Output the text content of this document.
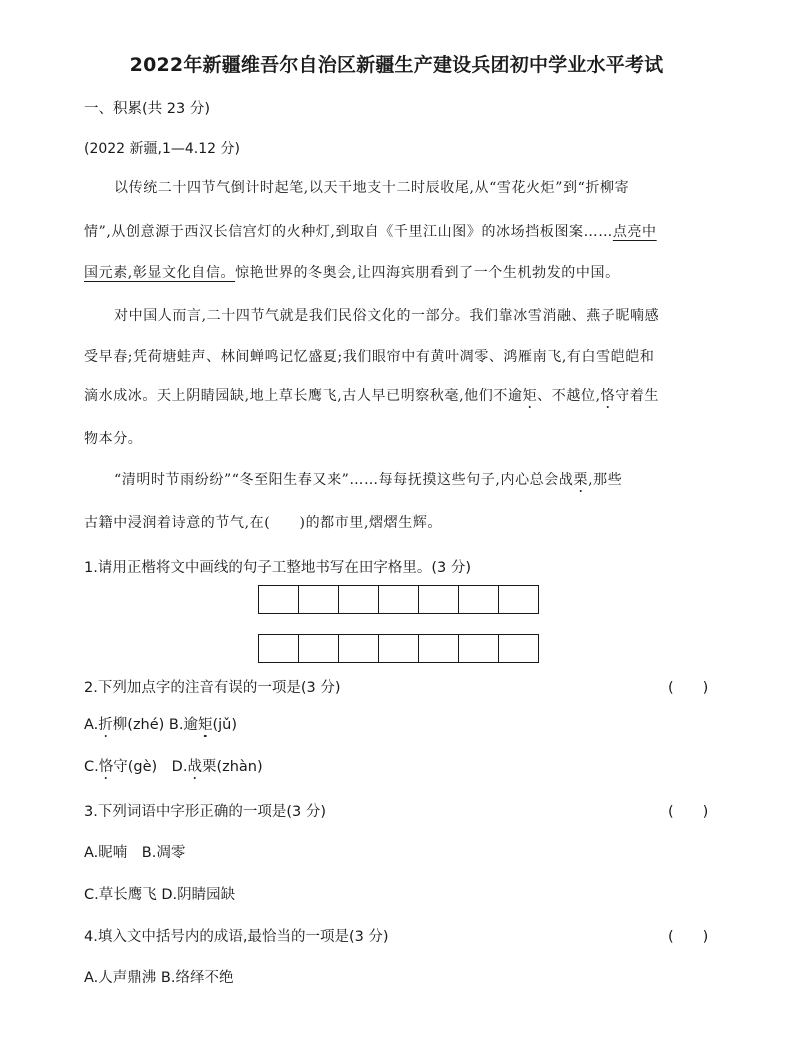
2022年新疆维吾尔自治区新疆生产建设兵团初中学业水平考试
一、积累(共 23 分)
(2022 新疆,1—4.12 分)
以传统二十四节气倒计时起笔,以天干地支十二时辰收尾,从“雪花火炬”到“折柳寄
情”,从创意源于西汉长信宫灯的火种灯,到取自《千里江山图》的冰场挡板图案……点亮中
国元素,彰显文化自信。惊艳世界的冬奥会,让四海宾朋看到了一个生机勃发的中国。
对中国人而言,二十四节气就是我们民俗文化的一部分。我们靠冰雪消融、燕子昵喃感
受早春;凭荷塘蛙声、林间蝉鸣记忆盛夏;我们眼帘中有黄叶凋零、鸿雁南飞,有白雪皑皑和
滴水成冰。天上阴睛园缺,地上草长鹰飞,古人早已明察秋毫,他们不逾矩、不越位,恪守着生
物本分。
“清明时节雨纷纷”“冬至阳生春又来”……每每抚摸这些句子,内心总会战栗,那些
古籍中浸润着诗意的节气,在(　　)的都市里,熠熠生辉。
1.请用正楷将文中画线的句子工整地书写在田字格里。(3 分)
2.下列加点字的注音有误的一项是(3 分)	(　　)
A.折柳(zhé) B.逾矩(jǔ)
C.恪守(gè)　D.战栗(zhàn)
3.下列词语中字形正确的一项是(3 分)	(　　)
A.昵喃　B.凋零
C.草长鹰飞 D.阴睛园缺
4.填入文中括号内的成语,最恰当的一项是(3 分)	(　　)
A.人声鼎沸 B.络绎不绝
